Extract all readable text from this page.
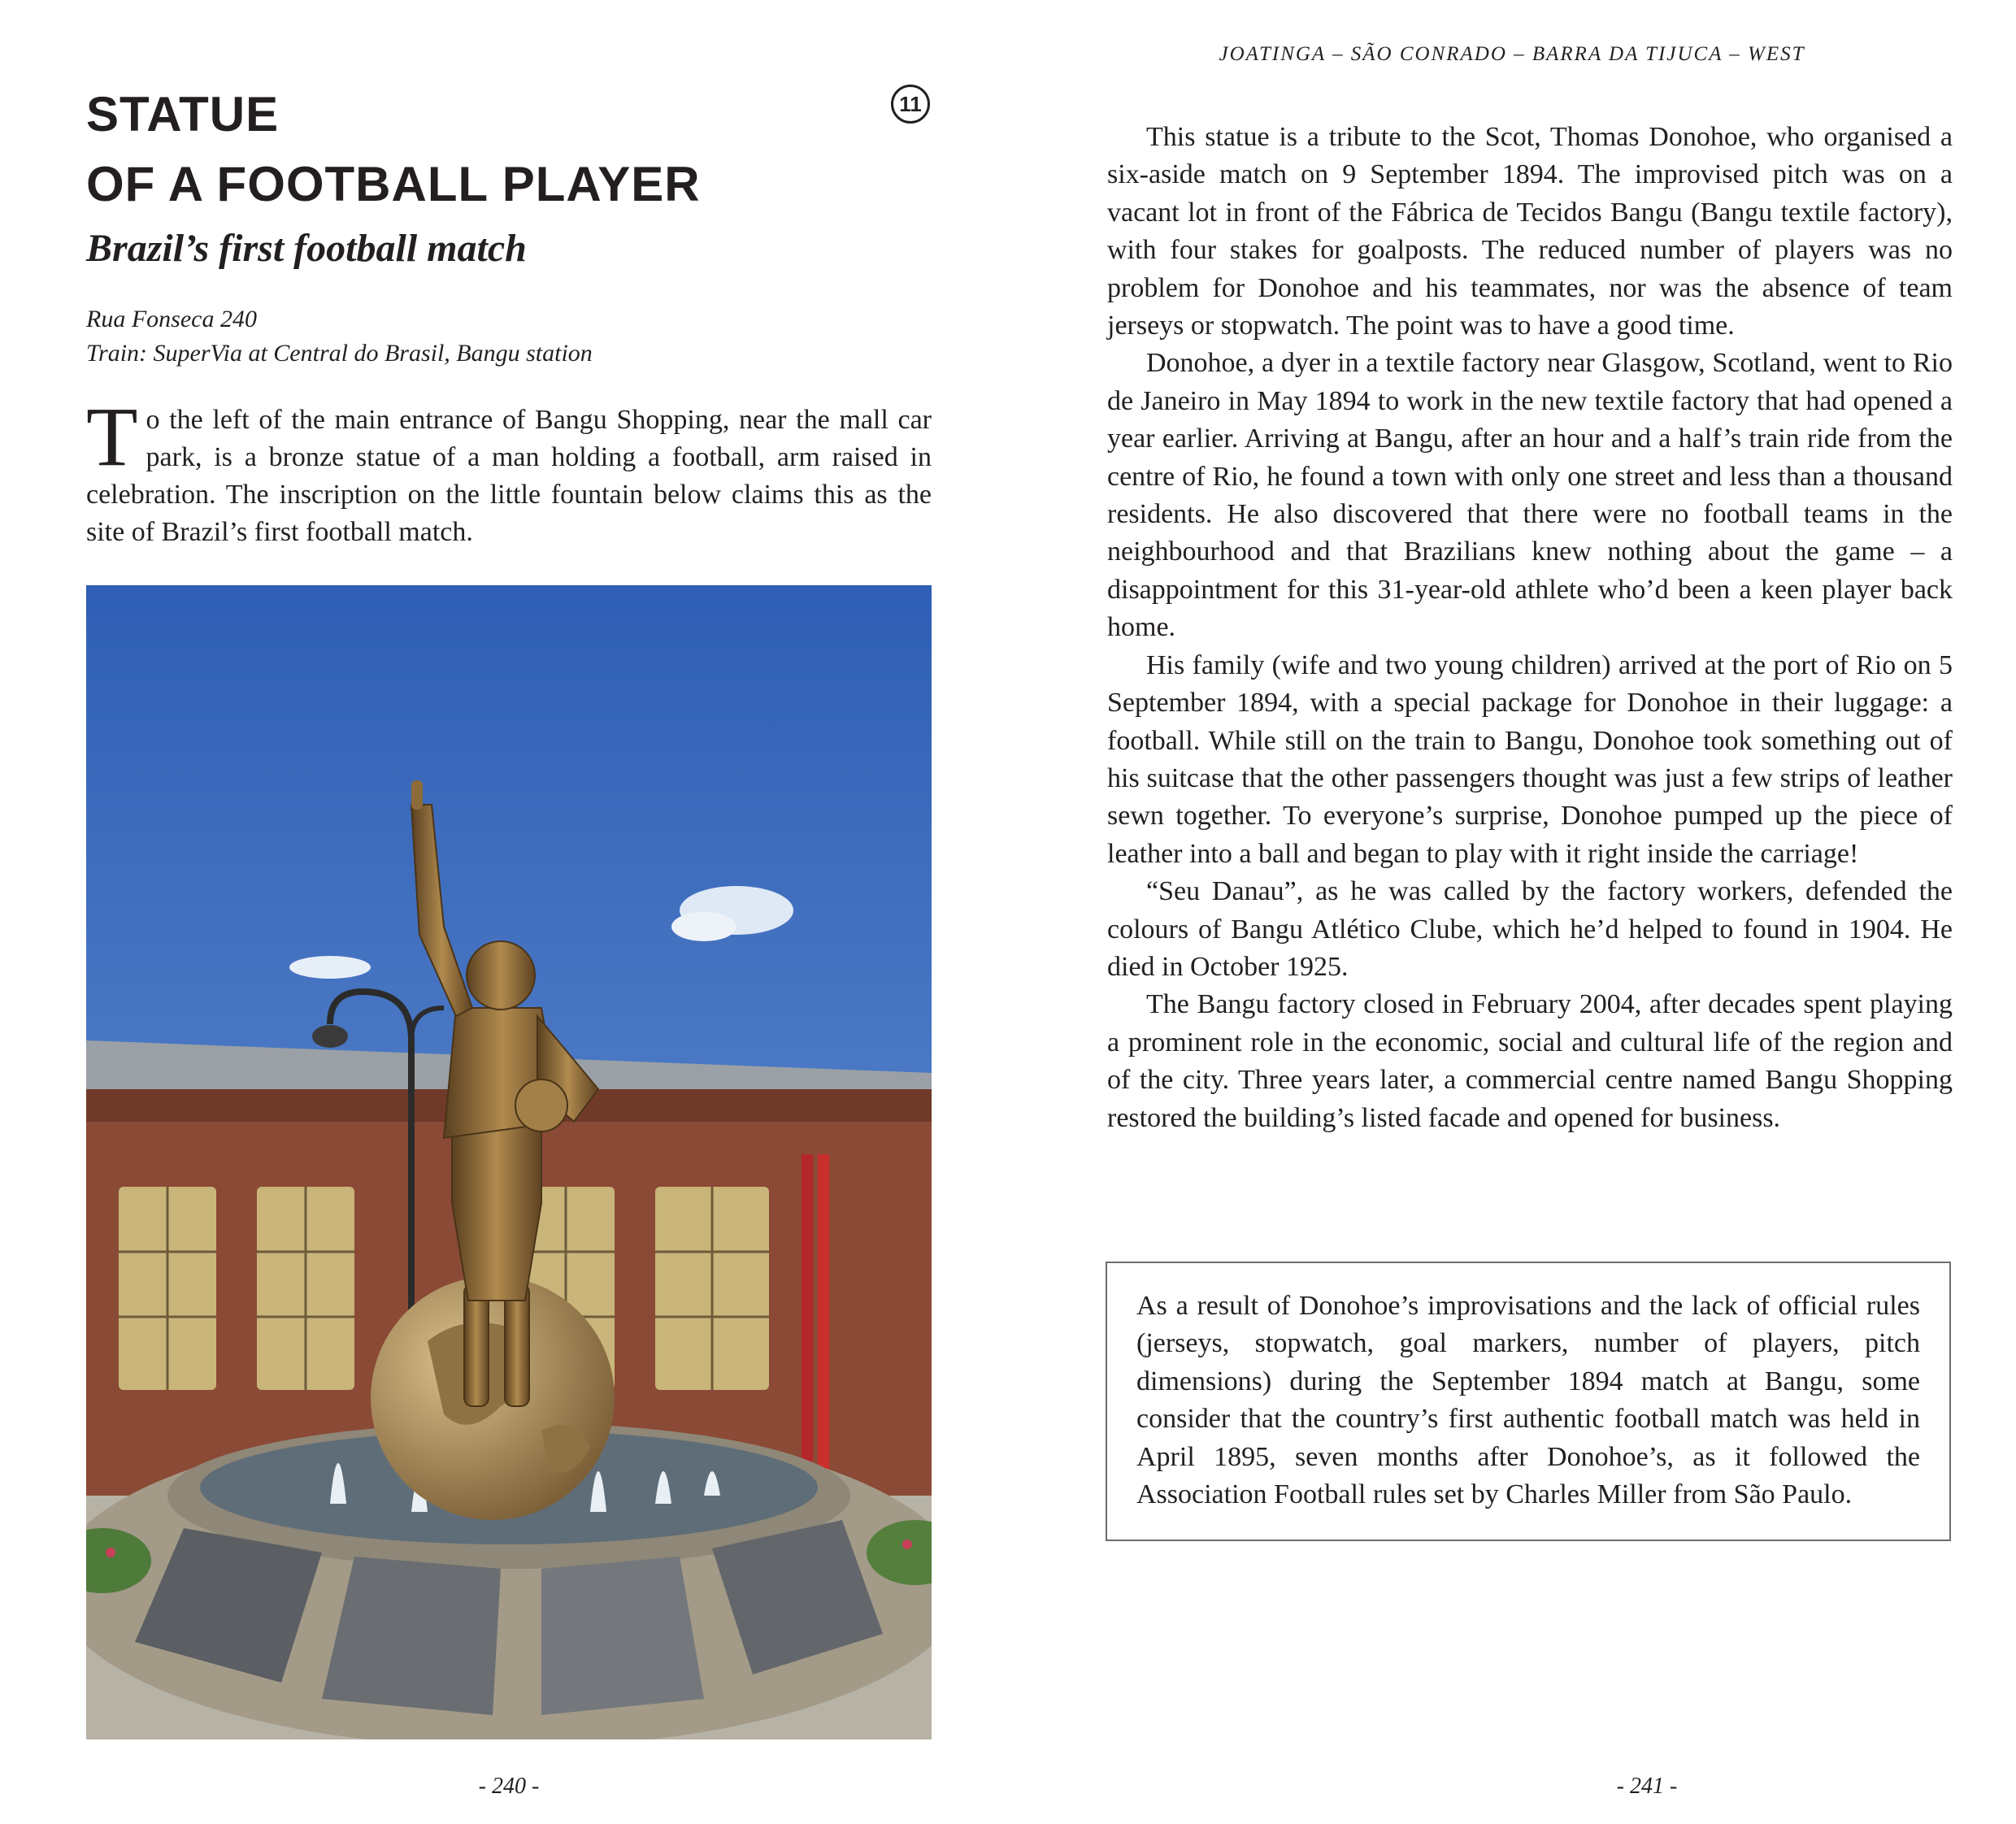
STATUE
OF A FOOTBALL PLAYER
11
Brazil’s first football match
Rua Fonseca 240
Train: SuperVia at Central do Brasil, Bangu station

To the left of the main entrance of Bangu Shopping, near the mall car park, is a bronze statue of a man holding a football, arm raised in celebration. The inscription on the little fountain below claims this as the site of Brazil’s first football match.

- 240 -
JOATINGA – SÃO CONRADO – BARRA DA TIJUCA – WEST

This statue is a tribute to the Scot, Thomas Donohoe, who organised a six-aside match on 9 September 1894. The improvised pitch was on a vacant lot in front of the Fábrica de Tecidos Bangu (Bangu textile factory), with four stakes for goalposts. The reduced number of players was no problem for Donohoe and his teammates, nor was the absence of team jerseys or stopwatch. The point was to have a good time.

Donohoe, a dyer in a textile factory near Glasgow, Scotland, went to Rio de Janeiro in May 1894 to work in the new textile factory that had opened a year earlier. Arriving at Bangu, after an hour and a half’s train ride from the centre of Rio, he found a town with only one street and less than a thousand residents. He also discovered that there were no football teams in the neighbourhood and that Brazilians knew nothing about the game – a disappointment for this 31-year-old athlete who’d been a keen player back home.

His family (wife and two young children) arrived at the port of Rio on 5 September 1894, with a special package for Donohoe in their luggage: a football. While still on the train to Bangu, Donohoe took something out of his suitcase that the other passengers thought was just a few strips of leather sewn together. To everyone’s surprise, Donohoe pumped up the piece of leather into a ball and began to play with it right inside the carriage!

“Seu Danau”, as he was called by the factory workers, defended the colours of Bangu Atlético Clube, which he’d helped to found in 1904. He died in October 1925.

The Bangu factory closed in February 2004, after decades spent playing a prominent role in the economic, social and cultural life of the region and of the city. Three years later, a commercial centre named Bangu Shopping restored the building’s listed facade and opened for business.

As a result of Donohoe’s improvisations and the lack of official rules (jerseys, stopwatch, goal markers, number of players, pitch dimensions) during the September 1894 match at Bangu, some consider that the country’s first authentic football match was held in April 1895, seven months after Donohoe’s, as it followed the Association Football rules set by Charles Miller from São Paulo.

- 241 -
